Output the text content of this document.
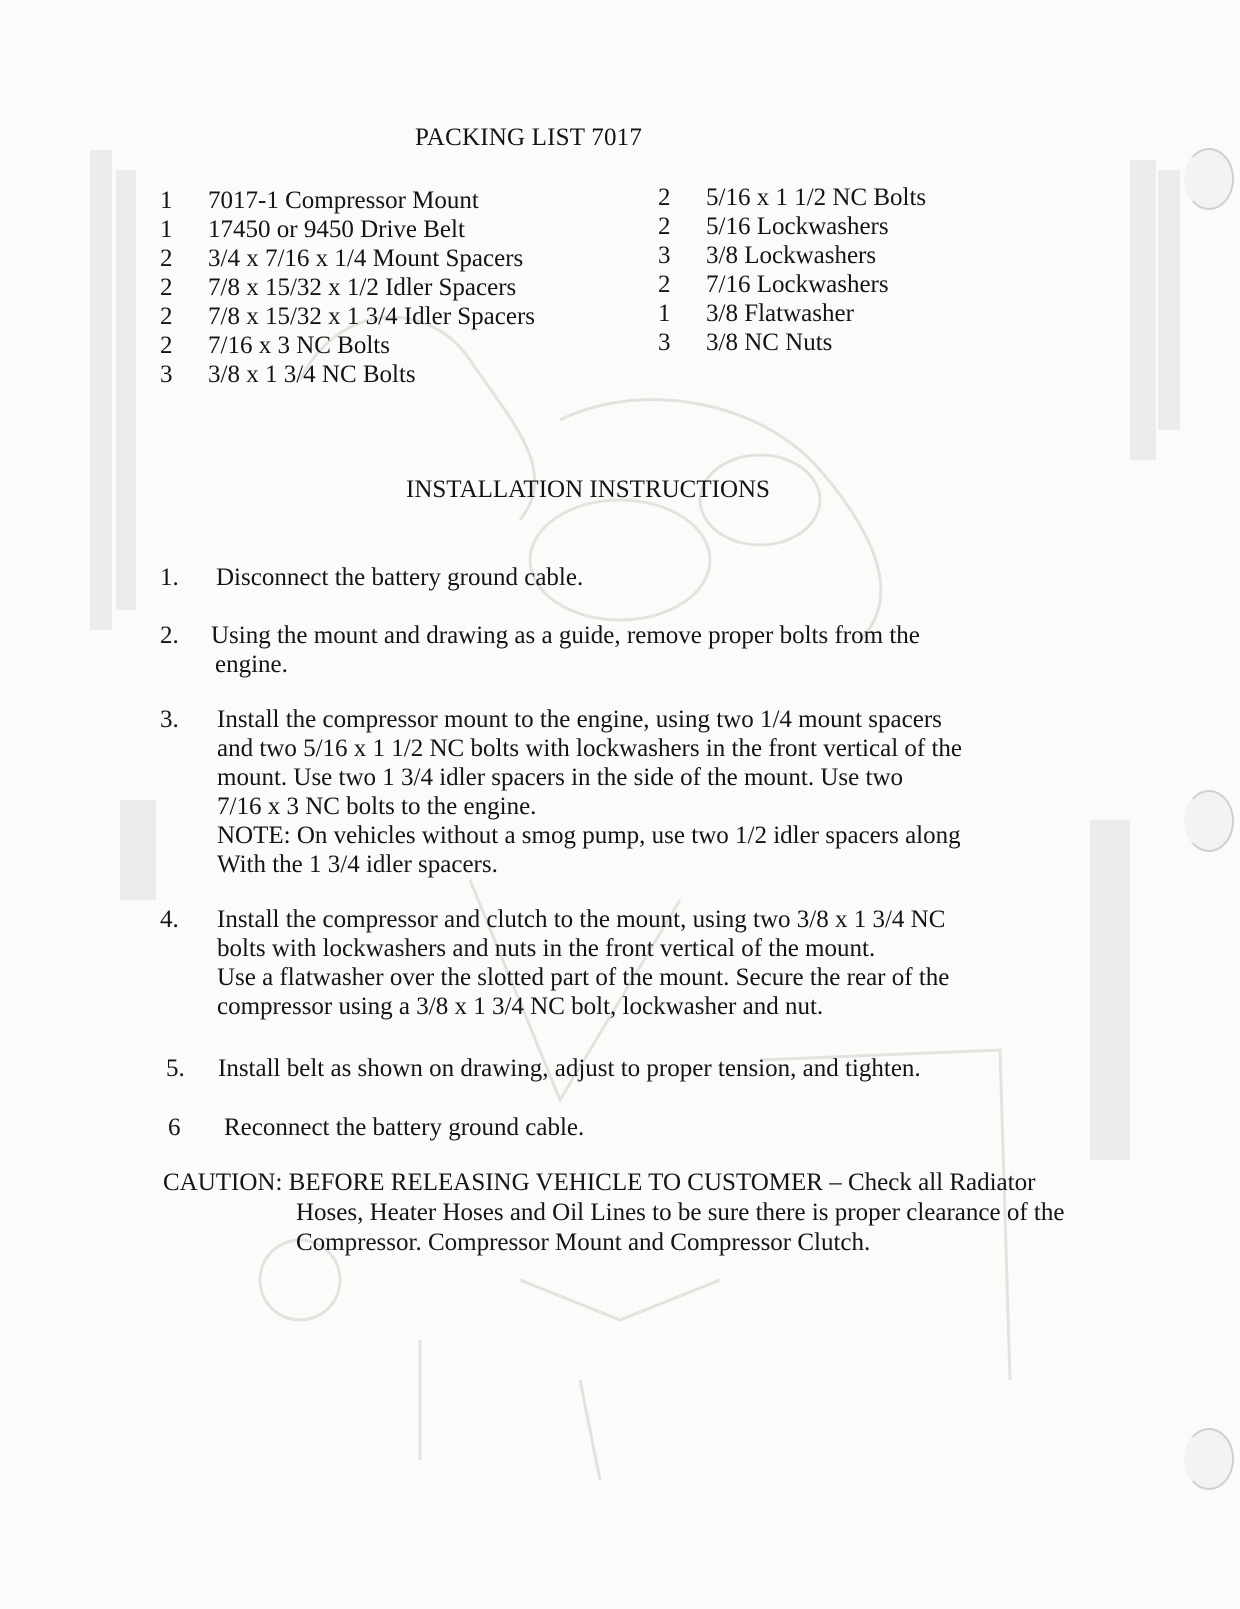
PACKING LIST 7017
1 7017-1 Compressor Mount
1 17450 or 9450 Drive Belt
2 3/4 x 7/16 x 1/4 Mount Spacers
2 7/8 x 15/32 x 1/2 Idler Spacers
2 7/8 x 15/32 x 1 3/4 Idler Spacers
2 7/16 x 3 NC Bolts
3 3/8 x 1 3/4 NC Bolts
2 5/16 x 1 1/2 NC Bolts
2 5/16 Lockwashers
3 3/8 Lockwashers
2 7/16 Lockwashers
1 3/8 Flatwasher
3 3/8 NC Nuts
INSTALLATION INSTRUCTIONS
1. Disconnect the battery ground cable.
2. Using the mount and drawing as a guide, remove proper bolts from the
engine.
3. Install the compressor mount to the engine, using two 1/4 mount spacers
and two 5/16 x 1 1/2 NC bolts with lockwashers in the front vertical of the
mount. Use two 1 3/4 idler spacers in the side of the mount. Use two
7/16 x 3 NC bolts to the engine.
NOTE: On vehicles without a smog pump, use two 1/2 idler spacers along
With the 1 3/4 idler spacers.
4. Install the compressor and clutch to the mount, using two 3/8 x 1 3/4 NC
bolts with lockwashers and nuts in the front vertical of the mount.
Use a flatwasher over the slotted part of the mount. Secure the rear of the
compressor using a 3/8 x 1 3/4 NC bolt, lockwasher and nut.
5. Install belt as shown on drawing, adjust to proper tension, and tighten.
6 Reconnect the battery ground cable.
CAUTION: BEFORE RELEASING VEHICLE TO CUSTOMER – Check all Radiator
Hoses, Heater Hoses and Oil Lines to be sure there is proper clearance of the
Compressor. Compressor Mount and Compressor Clutch.
